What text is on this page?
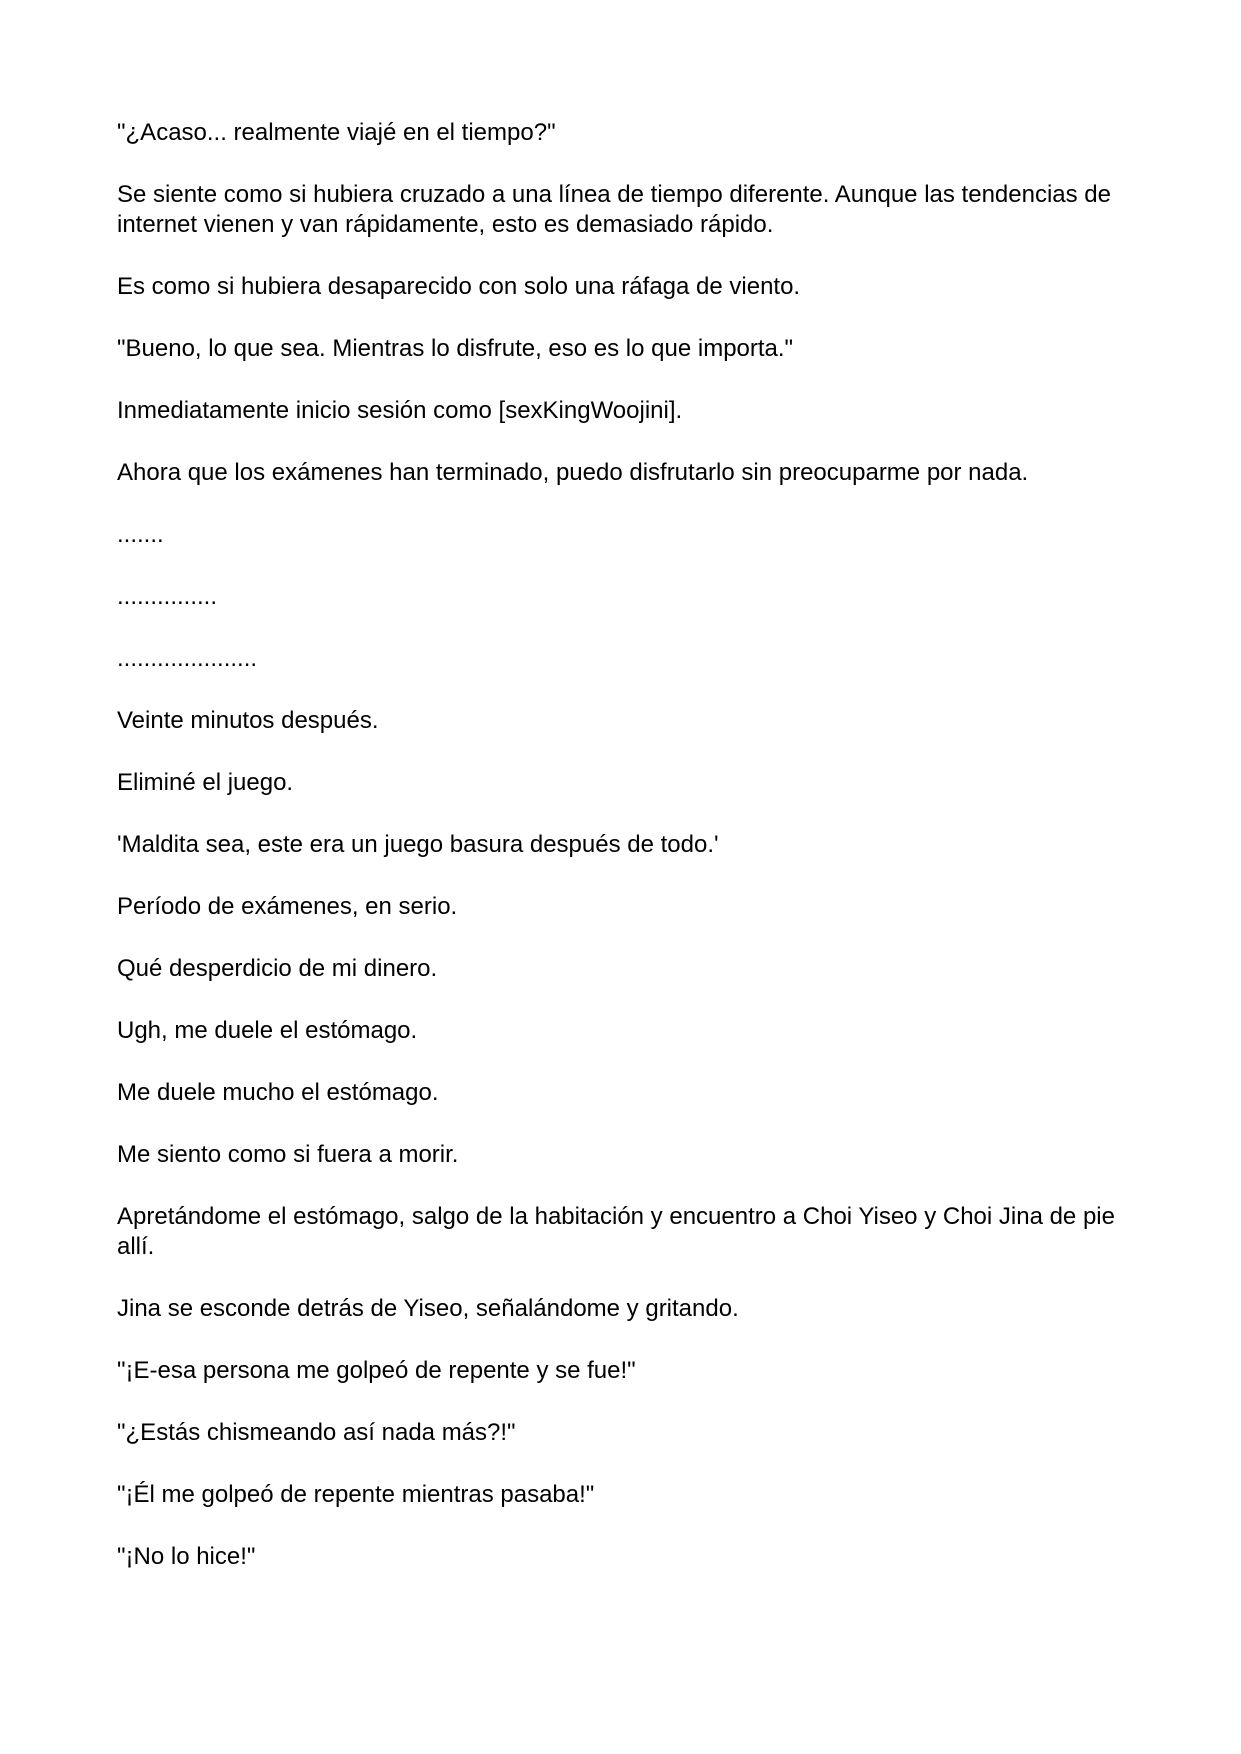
"¿Acaso... realmente viajé en el tiempo?"

Se siente como si hubiera cruzado a una línea de tiempo diferente. Aunque las tendencias de internet vienen y van rápidamente, esto es demasiado rápido.

Es como si hubiera desaparecido con solo una ráfaga de viento.

"Bueno, lo que sea. Mientras lo disfrute, eso es lo que importa."

Inmediatamente inicio sesión como [sexKingWoojini].

Ahora que los exámenes han terminado, puedo disfrutarlo sin preocuparme por nada.

.......

...............

.....................

Veinte minutos después.

Eliminé el juego.

'Maldita sea, este era un juego basura después de todo.'

Período de exámenes, en serio.

Qué desperdicio de mi dinero.

Ugh, me duele el estómago.

Me duele mucho el estómago.

Me siento como si fuera a morir.

Apretándome el estómago, salgo de la habitación y encuentro a Choi Yiseo y Choi Jina de pie allí.

Jina se esconde detrás de Yiseo, señalándome y gritando.

"¡E-esa persona me golpeó de repente y se fue!"

"¿Estás chismeando así nada más?!"

"¡Él me golpeó de repente mientras pasaba!"

"¡No lo hice!"
